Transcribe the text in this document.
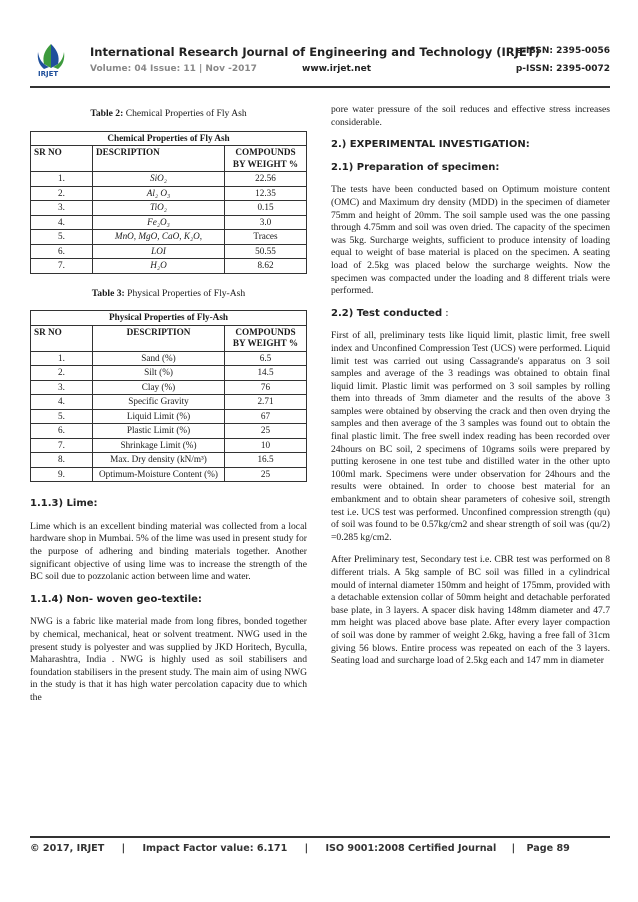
IRJET
International Research Journal of Engineering and Technology (IRJET)
e-ISSN: 2395-0056
Volume: 04 Issue: 11 | Nov -2017	www.irjet.net	p-ISSN: 2395-0072
Table 2: Chemical Properties of Fly Ash
Chemical Properties of Fly Ash		
SR NO	DESCRIPTION	COMPOUNDS BY WEIGHT %
1.	SiO₂	22.56
2.	Al₂ O₃	12.35
3.	TiO₂	0.15
4.	Fe₂O₃	3.0
5.	MnO, MgO, CaO, K₂O,	Traces
6.	LOI	50.55
7.	H₂O	8.62
Table 3: Physical Properties of Fly-Ash
Physical Properties of Fly-Ash		
SR NO	DESCRIPTION	COMPOUNDS BY WEIGHT %
1.	Sand (%)	6.5
2.	Silt (%)	14.5
3.	Clay (%)	76
4.	Specific Gravity	2.71
5.	Liquid Limit (%)	67
6.	Plastic Limit (%)	25
7.	Shrinkage Limit (%)	10
8.	Max. Dry density (kN/m³)	16.5
9.	Optimum-Moisture Content (%)	25
1.1.3) Lime:

Lime which is an excellent binding material was collected from a local hardware shop in Mumbai. 5% of the lime was used in present study for the purpose of adhering and binding materials together. Another significant objective of using lime was to increase the strength of the BC soil due to pozzolanic action between lime and water.

1.1.4) Non- woven geo-textile:

NWG is a fabric like material made from long fibres, bonded together by chemical, mechanical, heat or solvent treatment. NWG used in the present study is polyester and was supplied by JKD Horitech, Byculla, Maharashtra, India . NWG is highly used as soil stabilisers and foundation stabilisers in the present study. The main aim of using NWG in the study is that it has high water percolation capacity due to which the

pore water pressure of the soil reduces and effective stress increases considerable.

2.) EXPERIMENTAL INVESTIGATION:
2.1) Preparation of specimen:

The tests have been conducted based on Optimum moisture content (OMC) and Maximum dry density (MDD) in the specimen of diameter 75mm and height of 20mm. The soil sample used was the one passing through 4.75mm and soil was oven dried. The capacity of the specimen was 5kg. Surcharge weights, sufficient to produce intensity of loading equal to weight of base material is placed on the specimen. A seating load of 2.5kg was placed below the surcharge weights. Now the specimen was compacted under the loading and 8 different trials were performed.

2.2) Test conducted :

First of all, preliminary tests like liquid limit, plastic limit, free swell index and Unconfined Compression Test (UCS) were performed. Liquid limit test was carried out using Cassagrande's apparatus on 3 soil samples and average of the 3 readings was obtained to obtain final liquid limit. Plastic limit was performed on 3 soil samples by rolling them into threads of 3mm diameter and the results of the above 3 samples were obtained by observing the crack and then oven drying the samples and then average of the 3 samples was found out to obtain the final plastic limit. The free swell index reading has been recorded over 24hours on BC soil, 2 specimens of 10grams soils were prepared by putting kerosene in one test tube and distilled water in the other upto 100ml mark. Specimens were under observation for 24hours and the results were obtained. In order to choose best material for an embankment and to obtain shear parameters of cohesive soil, strength test i.e. UCS test was performed. Unconfined compression strength (qu) of soil was found to be 0.57kg/cm2 and shear strength of soil was (qu/2) =0.285 kg/cm2.

After Preliminary test, Secondary test i.e. CBR test was performed on 8 different trials. A 5kg sample of BC soil was filled in a cylindrical mould of internal diameter 150mm and height of 175mm, provided with a detachable extension collar of 50mm height and detachable perforated base plate, in 3 layers. A spacer disk having 148mm diameter and 47.7 mm height was placed above base plate. After every layer compaction of soil was done by rammer of weight 2.6kg, having a free fall of 31cm giving 56 blows. Entire process was repeated on each of the 3 layers. Seating load and surcharge load of 2.5kg each and 147 mm in diameter

© 2017, IRJET | Impact Factor value: 6.171 | ISO 9001:2008 Certified Journal | Page 89
